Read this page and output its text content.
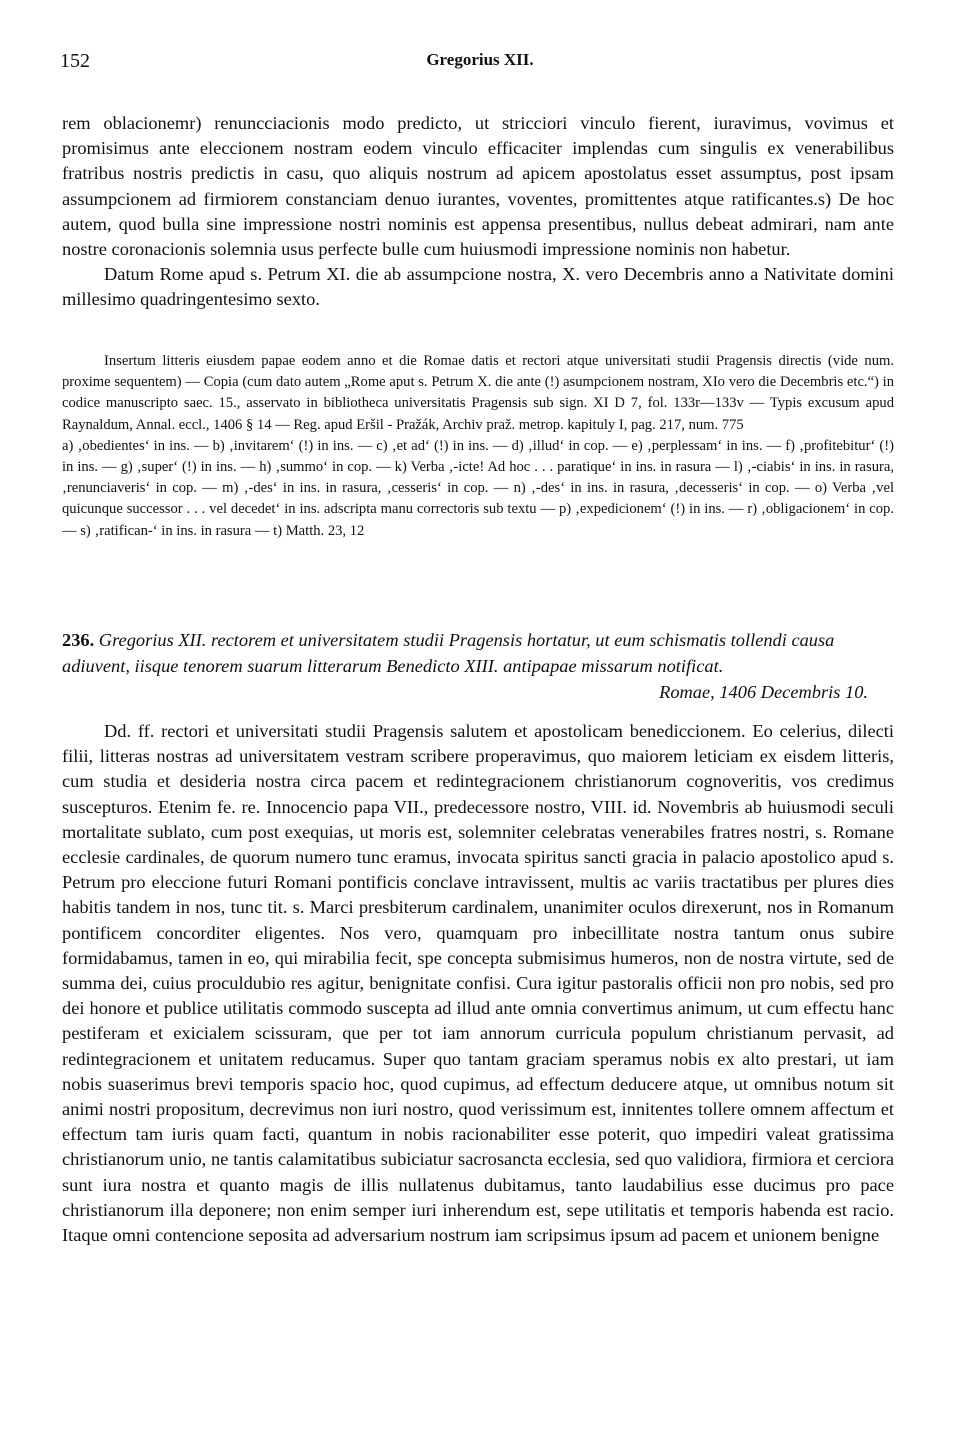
152	Gregorius XII.

rem oblacionemr) renuncciacionis modo predicto, ut stricciori vinculo fierent, iuravimus, vovimus et promisimus ante eleccionem nostram eodem vinculo efficaciter implendas cum singulis ex venerabilibus fratribus nostris predictis in casu, quo aliquis nostrum ad apicem apostolatus esset assumptus, post ipsam assumpcionem ad firmiorem constanciam denuo iurantes, voventes, promittentes atque ratificantes.s) De hoc autem, quod bulla sine impressione nostri nominis est appensa presentibus, nullus debeat admirari, nam ante nostre coronacionis solemnia usus perfecte bulle cum huiusmodi impressione nominis non habetur.

Datum Rome apud s. Petrum XI. die ab assumpcione nostra, X. vero Decembris anno a Nativitate domini millesimo quadringentesimo sexto.

Insertum litteris eiusdem papae eodem anno et die Romae datis et rectori atque universitati studii Pragensis directis (vide num. proxime sequentem) — Copia (cum dato autem „Rome aput s. Petrum X. die ante (!) asumpcionem nostram, XIo vero die Decembris etc.“) in codice manuscripto saec. 15., asservato in bibliotheca universitatis Pragensis sub sign. XI D 7, fol. 133r—133v — Typis excusum apud Raynaldum, Annal. eccl., 1406 § 14 — Reg. apud Eršil - Pražák, Archiv praž. metrop. kapituly I, pag. 217, num. 775

a) ‚obedientes‘ in ins. — b) ‚invitarem‘ (!) in ins. — c) ‚et ad‘ (!) in ins. — d) ‚illud‘ in cop. — e) ‚perplessam‘ in ins. — f) ‚profitebitur‘ (!) in ins. — g) ‚super‘ (!) in ins. — h) ‚summo‘ in cop. — k) Verba ‚-icte! Ad hoc . . . paratique‘ in ins. in rasura — l) ‚-ciabis‘ in ins. in rasura, ‚renunciaveris‘ in cop. — m) ‚-des‘ in ins. in rasura, ‚cesseris‘ in cop. — n) ‚-des‘ in ins. in rasura, ‚decesseris‘ in cop. — o) Verba ‚vel quicunque successor . . . vel decedet‘ in ins. adscripta manu correctoris sub textu — p) ‚expedicionem‘ (!) in ins. — r) ‚obligacionem‘ in cop. — s) ‚ratifican-‘ in ins. in rasura — t) Matth. 23, 12

236. Gregorius XII. rectorem et universitatem studii Pragensis hortatur, ut eum schismatis tollendi causa adiuvent, iisque tenorem suarum litterarum Benedicto XIII. antipapae missarum notificat.
Romae, 1406 Decembris 10.

Dd. ff. rectori et universitati studii Pragensis salutem et apostolicam benediccionem. Eo celerius, dilecti filii, litteras nostras ad universitatem vestram scribere properavimus, quo maiorem leticiam ex eisdem litteris, cum studia et desideria nostra circa pacem et redintegracionem christianorum cognoveritis, vos credimus suscepturos. Etenim fe. re. Innocencio papa VII., predecessore nostro, VIII. id. Novembris ab huiusmodi seculi mortalitate sublato, cum post exequias, ut moris est, solemniter celebratas venerabiles fratres nostri, s. Romane ecclesie cardinales, de quorum numero tunc eramus, invocata spiritus sancti gracia in palacio apostolico apud s. Petrum pro eleccione futuri Romani pontificis conclave intravissent, multis ac variis tractatibus per plures dies habitis tandem in nos, tunc tit. s. Marci presbiterum cardinalem, unanimiter oculos direxerunt, nos in Romanum pontificem concorditer eligentes. Nos vero, quamquam pro inbecillitate nostra tantum onus subire formidabamus, tamen in eo, qui mirabilia fecit, spe concepta submisimus humeros, non de nostra virtute, sed de summa dei, cuius proculdubio res agitur, benignitate confisi. Cura igitur pastoralis officii non pro nobis, sed pro dei honore et publice utilitatis commodo suscepta ad illud ante omnia convertimus animum, ut cum effectu hanc pestiferam et exicialem scissuram, que per tot iam annorum curricula populum christianum pervasit, ad redintegracionem et unitatem reducamus. Super quo tantam graciam speramus nobis ex alto prestari, ut iam nobis suaserimus brevi temporis spacio hoc, quod cupimus, ad effectum deducere atque, ut omnibus notum sit animi nostri propositum, decrevimus non iuri nostro, quod verissimum est, innitentes tollere omnem affectum et effectum tam iuris quam facti, quantum in nobis racionabiliter esse poterit, quo impediri valeat gratissima christianorum unio, ne tantis calamitatibus subiciatur sacrosancta ecclesia, sed quo validiora, firmiora et cerciora sunt iura nostra et quanto magis de illis nullatenus dubitamus, tanto laudabilius esse ducimus pro pace christianorum illa deponere; non enim semper iuri inherendum est, sepe utilitatis et temporis habenda est racio. Itaque omni contencione seposita ad adversarium nostrum iam scripsimus ipsum ad pacem et unionem benigne
